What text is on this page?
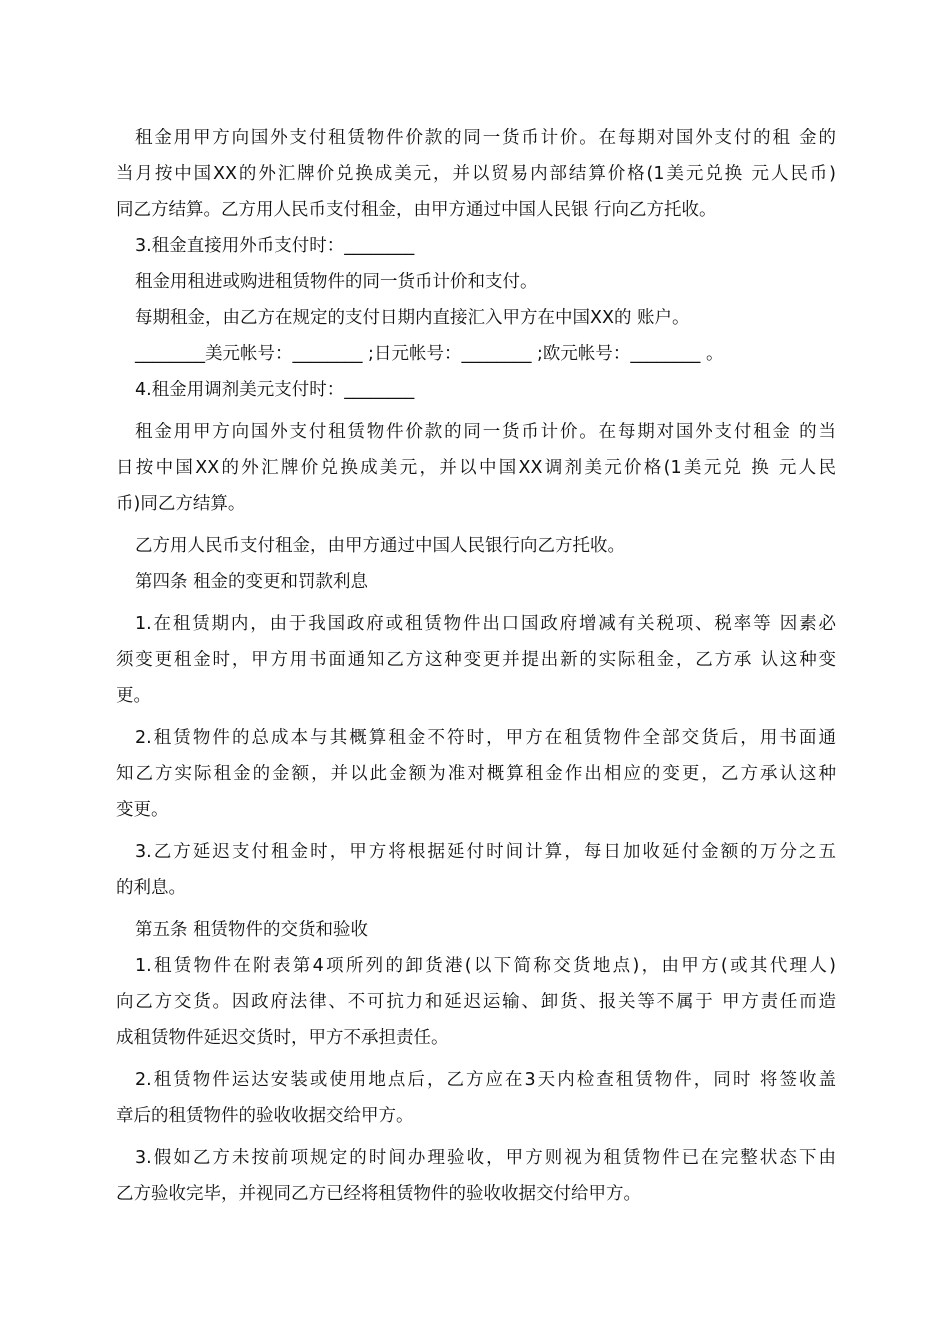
租金用甲方向国外支付租赁物件价款的同一货币计价。在每期对国外支付的租 金的
当月按中国XX的外汇牌价兑换成美元，并以贸易内部结算价格(1美元兑换 元人民币)
同乙方结算。乙方用人民币支付租金，由甲方通过中国人民银 行向乙方托收。
3.租金直接用外币支付时：________
租金用租进或购进租赁物件的同一货币计价和支付。
每期租金，由乙方在规定的支付日期内直接汇入甲方在中国XX的 账户。
________美元帐号：________ ;日元帐号：________ ;欧元帐号：________ 。
4.租金用调剂美元支付时：________
租金用甲方向国外支付租赁物件价款的同一货币计价。在每期对国外支付租金 的当
日按中国XX的外汇牌价兑换成美元，并以中国XX调剂美元价格(1美元兑 换 元人民
币)同乙方结算。
乙方用人民币支付租金，由甲方通过中国人民银行向乙方托收。
第四条 租金的变更和罚款利息
1.在租赁期内，由于我国政府或租赁物件出口国政府增减有关税项、税率等 因素必
须变更租金时，甲方用书面通知乙方这种变更并提出新的实际租金，乙方承 认这种变
更。
2.租赁物件的总成本与其概算租金不符时，甲方在租赁物件全部交货后，用书面通
知乙方实际租金的金额，并以此金额为准对概算租金作出相应的变更，乙方承认这种
变更。
3.乙方延迟支付租金时，甲方将根据延付时间计算，每日加收延付金额的万分之五
的利息。
第五条 租赁物件的交货和验收
1.租赁物件在附表第4项所列的卸货港(以下简称交货地点)，由甲方(或其代理人)
向乙方交货。因政府法律、不可抗力和延迟运输、卸货、报关等不属于 甲方责任而造
成租赁物件延迟交货时，甲方不承担责任。
2.租赁物件运达安装或使用地点后，乙方应在3天内检查租赁物件，同时 将签收盖
章后的租赁物件的验收收据交给甲方。
3.假如乙方未按前项规定的时间办理验收，甲方则视为租赁物件已在完整状态下由
乙方验收完毕，并视同乙方已经将租赁物件的验收收据交付给甲方。
